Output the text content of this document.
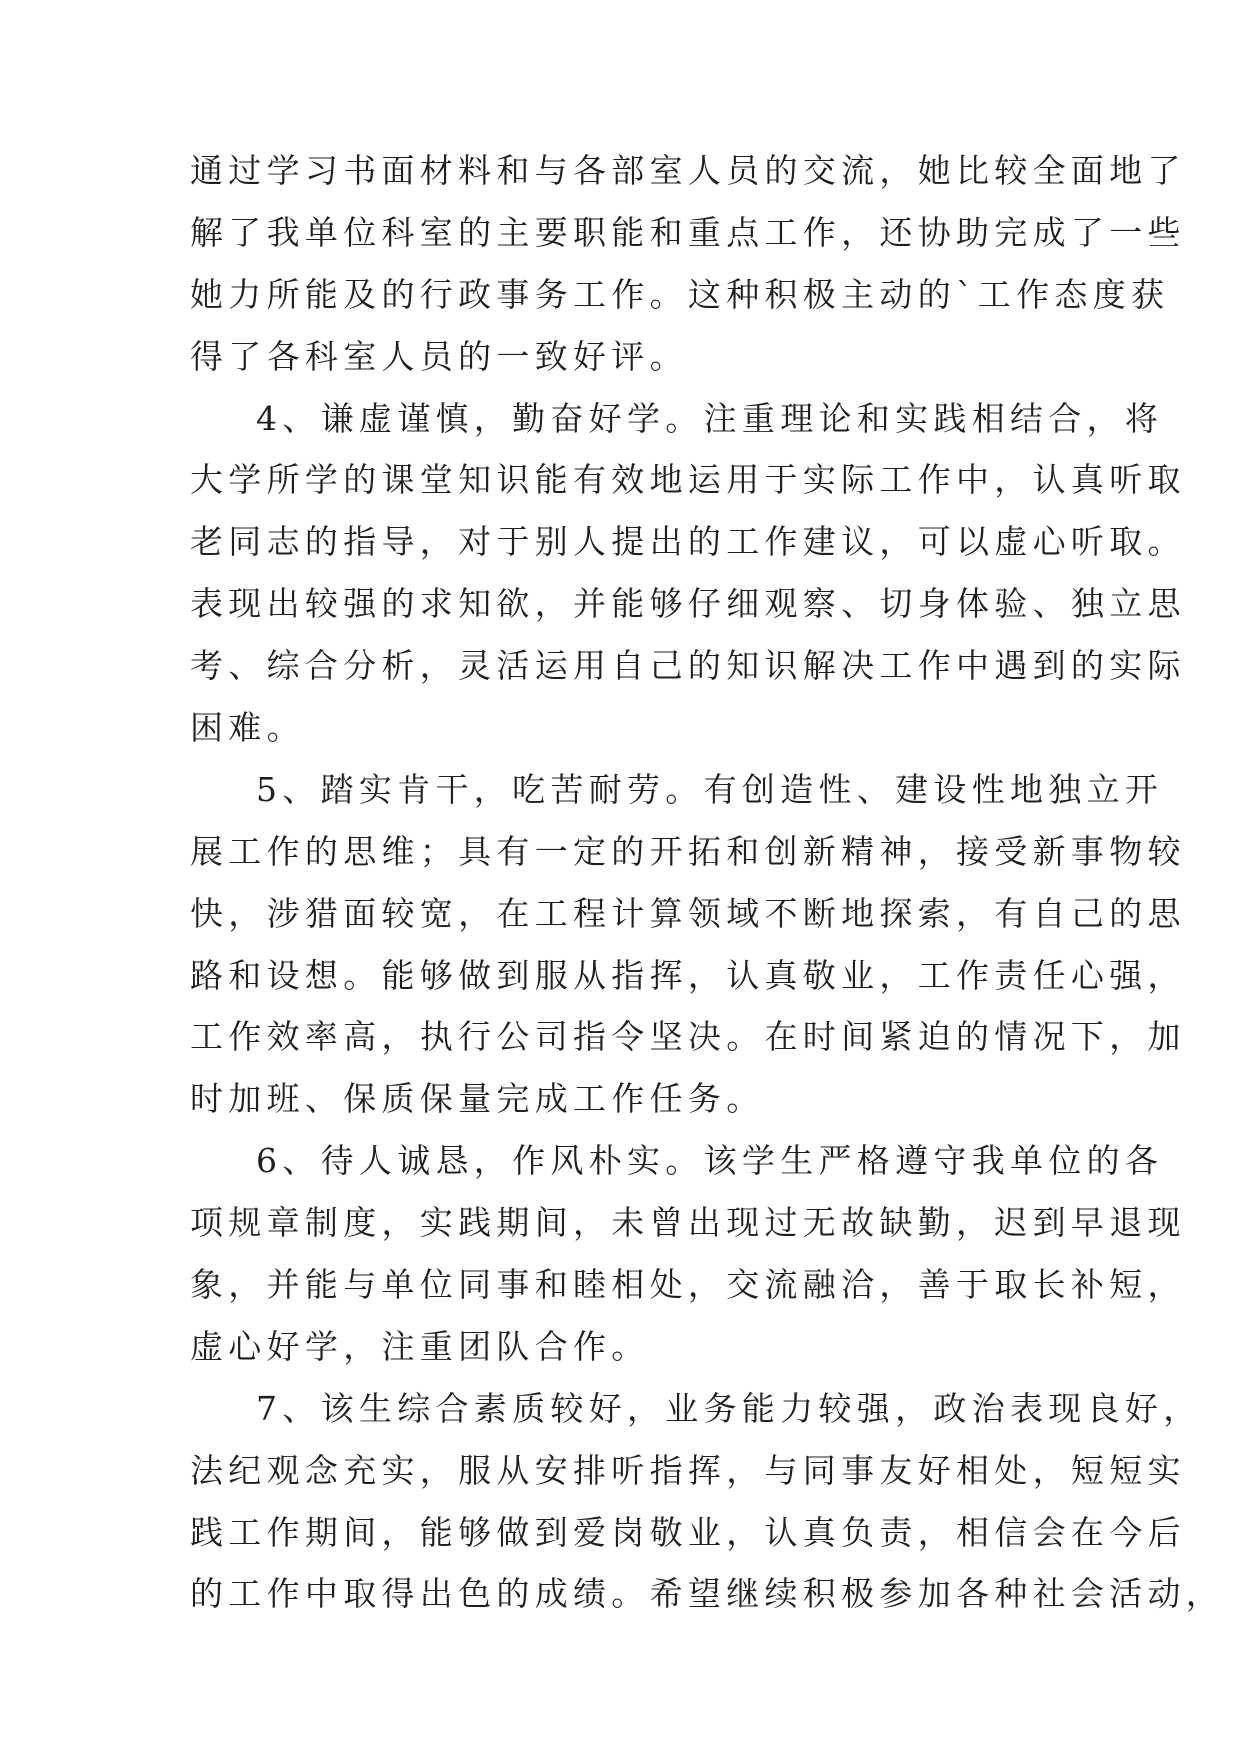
通过学习书面材料和与各部室人员的交流，她比较全面地了
解了我单位科室的主要职能和重点工作，还协助完成了一些
她力所能及的行政事务工作。这种积极主动的`工作态度获
得了各科室人员的一致好评。
4、谦虚谨慎，勤奋好学。注重理论和实践相结合，将
大学所学的课堂知识能有效地运用于实际工作中，认真听取
老同志的指导，对于别人提出的工作建议，可以虚心听取。
表现出较强的求知欲，并能够仔细观察、切身体验、独立思
考、综合分析，灵活运用自己的知识解决工作中遇到的实际
困难。
5、踏实肯干，吃苦耐劳。有创造性、建设性地独立开
展工作的思维；具有一定的开拓和创新精神，接受新事物较
快，涉猎面较宽，在工程计算领域不断地探索，有自己的思
路和设想。能够做到服从指挥，认真敬业，工作责任心强，
工作效率高，执行公司指令坚决。在时间紧迫的情况下，加
时加班、保质保量完成工作任务。
6、待人诚恳，作风朴实。该学生严格遵守我单位的各
项规章制度，实践期间，未曾出现过无故缺勤，迟到早退现
象，并能与单位同事和睦相处，交流融洽，善于取长补短，
虚心好学，注重团队合作。
7、该生综合素质较好，业务能力较强，政治表现良好，
法纪观念充实，服从安排听指挥，与同事友好相处，短短实
践工作期间，能够做到爱岗敬业，认真负责，相信会在今后
的工作中取得出色的成绩。希望继续积极参加各种社会活动，
